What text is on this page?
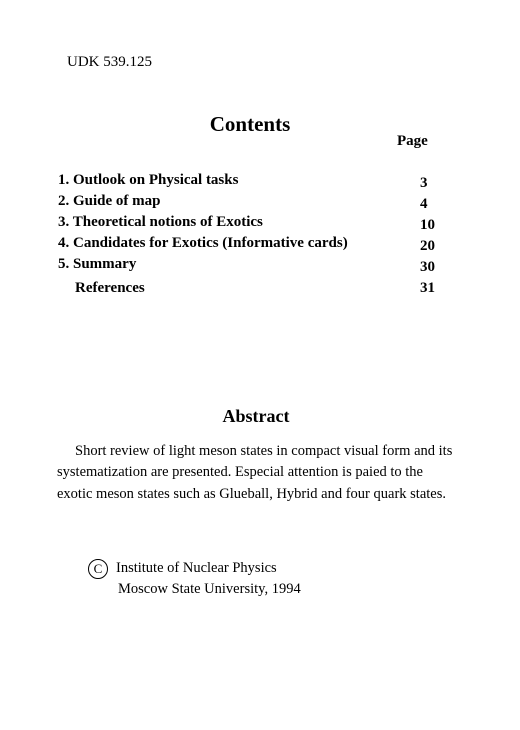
UDK 539.125
Contents
Page
1. Outlook on Physical tasks	3
2. Guide of map	4
3. Theoretical notions of Exotics	10
4. Candidates for Exotics (Informative cards)	20
5. Summary	30
References	31
Abstract

Short review of light meson states in compact visual form and its systematization are presented. Especial attention is paied to the exotic meson states such as Glueball, Hybrid and four quark states.

C Institute of Nuclear Physics
Moscow State University, 1994
